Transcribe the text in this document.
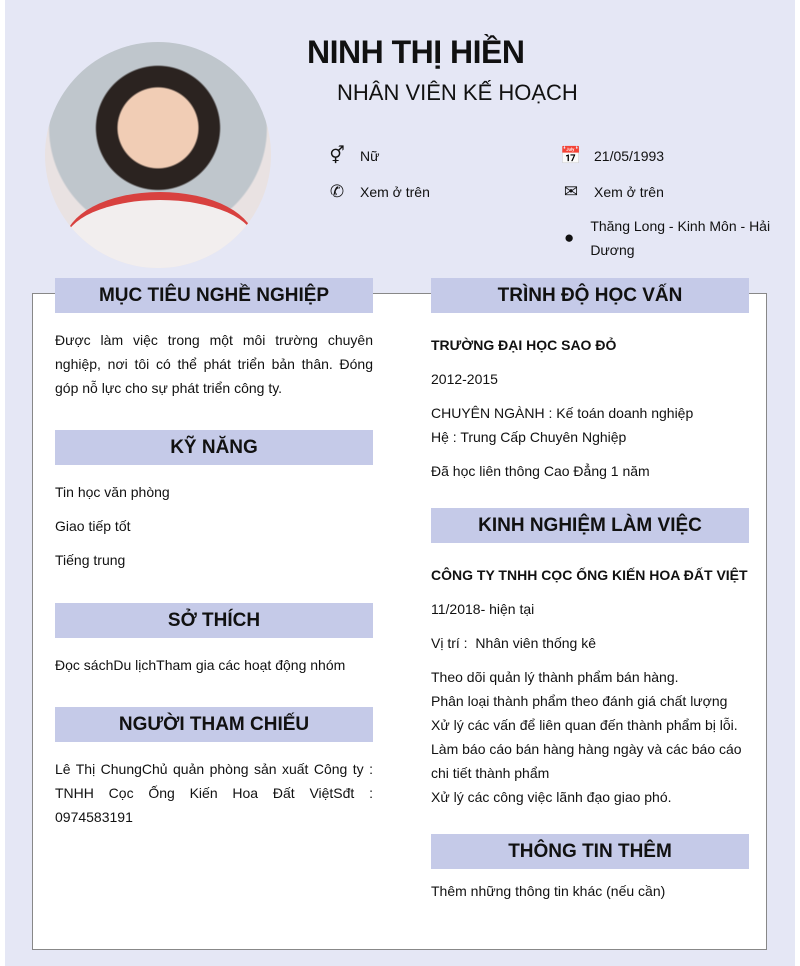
NINH THỊ HIỀN
NHÂN VIÊN KẾ HOẠCH
⚥ Nữ
✆ Xem ở trên
📅 21/05/1993
✉ Xem ở trên
●
Thăng Long - Kinh Môn - Hải Dương
MỤC TIÊU NGHỀ NGHIỆP
Được làm việc trong một môi trường chuyên nghiệp, nơi tôi có thể phát triển bản thân. Đóng góp nỗ lực cho sự phát triển công ty.
KỸ NĂNG
Tin học văn phòng
Giao tiếp tốt
Tiếng trung
SỞ THÍCH
Đọc sáchDu lịchTham gia các hoạt động nhóm
NGƯỜI THAM CHIẾU
Lê Thị ChungChủ quản phòng sản xuất Công ty : TNHH Cọc Ống Kiến Hoa Đất ViệtSđt : 0974583191
TRÌNH ĐỘ HỌC VẤN
TRƯỜNG ĐẠI HỌC SAO ĐỎ
2012-2015
CHUYÊN NGÀNH : Kế toán doanh nghiệp
Hệ : Trung Cấp Chuyên Nghiệp
Đã học liên thông Cao Đẳng 1 năm
KINH NGHIỆM LÀM VIỆC
CÔNG TY TNHH CỌC ỐNG KIẾN HOA ĐẤT VIỆT
11/2018- hiện tại
Vị trí :  Nhân viên thống kê
Theo dõi quản lý thành phẩm bán hàng.
Phân loại thành phẩm theo đánh giá chất lượng
Xử lý các vấn để liên quan đến thành phẩm bị lỗi.
Làm báo cáo bán hàng hàng ngày và các báo cáo chi tiết thành phẩm
Xử lý các công việc lãnh đạo giao phó.
THÔNG TIN THÊM
Thêm những thông tin khác (nếu cần)
